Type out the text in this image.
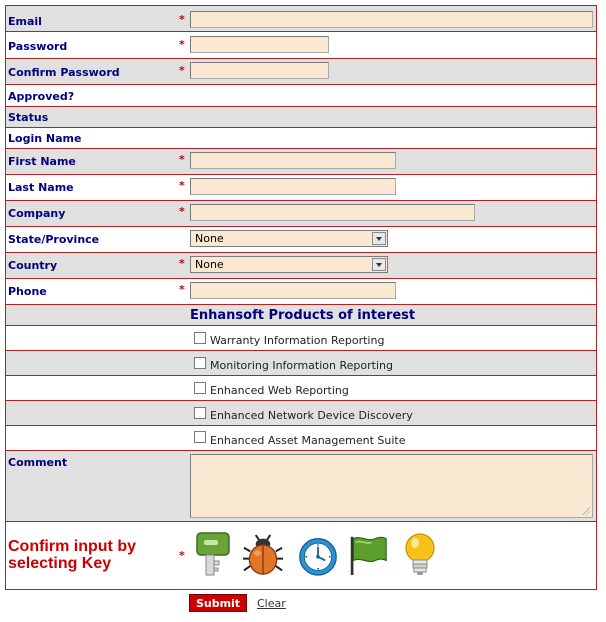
Email	*
Password	*
Confirm Password	*
Approved?
Status
Login Name
First Name	*
Last Name	*
Company	*
State/Province	None
Country	* None
Phone	*
Enhansoft Products of interest
Warranty Information Reporting
Monitoring Information Reporting
Enhanced Web Reporting
Enhanced Network Device Discovery
Enhanced Asset Management Suite
Comment
Confirm input by
selecting Key	*
Submit	Clear
